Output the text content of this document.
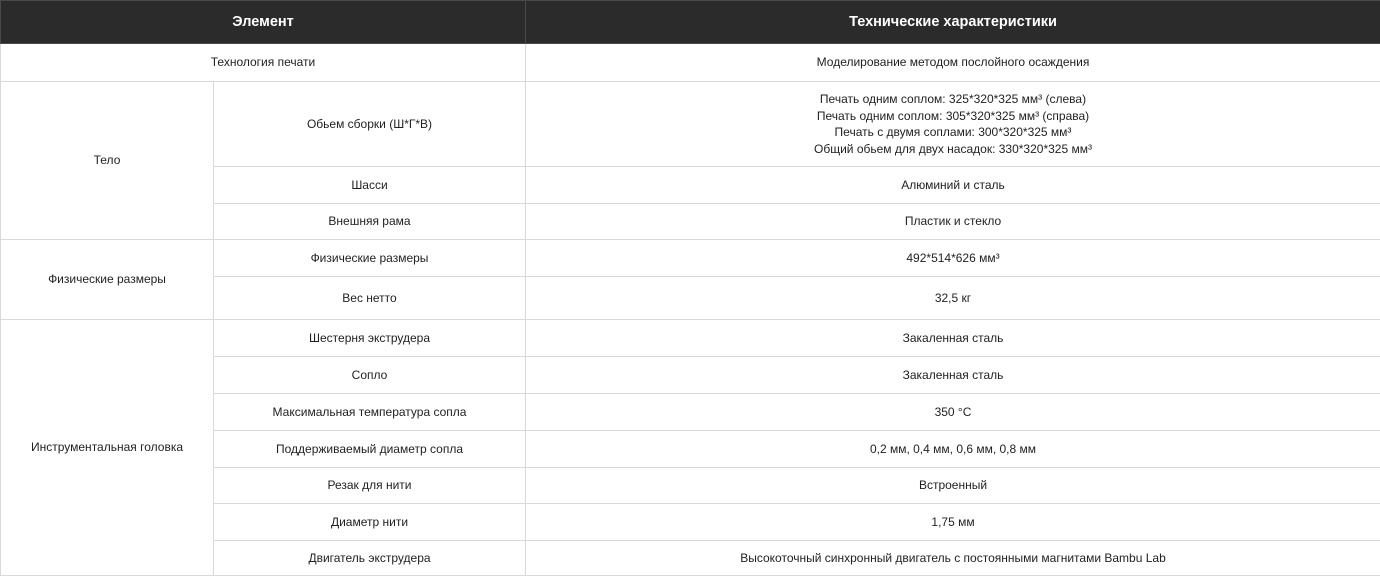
Элемент		Технические характеристики
Технология печати		Моделирование методом послойного осаждения
Тело	Обьем сборки (Ш*Г*В)	Печать одним соплом: 325*320*325 мм³ (слева)
Печать одним соплом: 305*320*325 мм³ (справа)
Печать с двумя соплами: 300*320*325 мм³
Общий обьем для двух насадок: 330*320*325 мм³

	Шасси	Алюминий и сталь
	Внешняя рама	Пластик и стекло
Физические размеры	Физические размеры	492*514*626 мм³
	Вес нетто	32,5 кг
Инструментальная головка	Шестерня экструдера	Закаленная сталь
	Сопло	Закаленная сталь
	Максимальная температура сопла	350 °C
	Поддерживаемый диаметр сопла	0,2 мм, 0,4 мм, 0,6 мм, 0,8 мм
	Резак для нити	Встроенный
	Диаметр нити	1,75 мм
	Двигатель экструдера	Высокоточный синхронный двигатель с постоянными магнитами Bambu Lab
